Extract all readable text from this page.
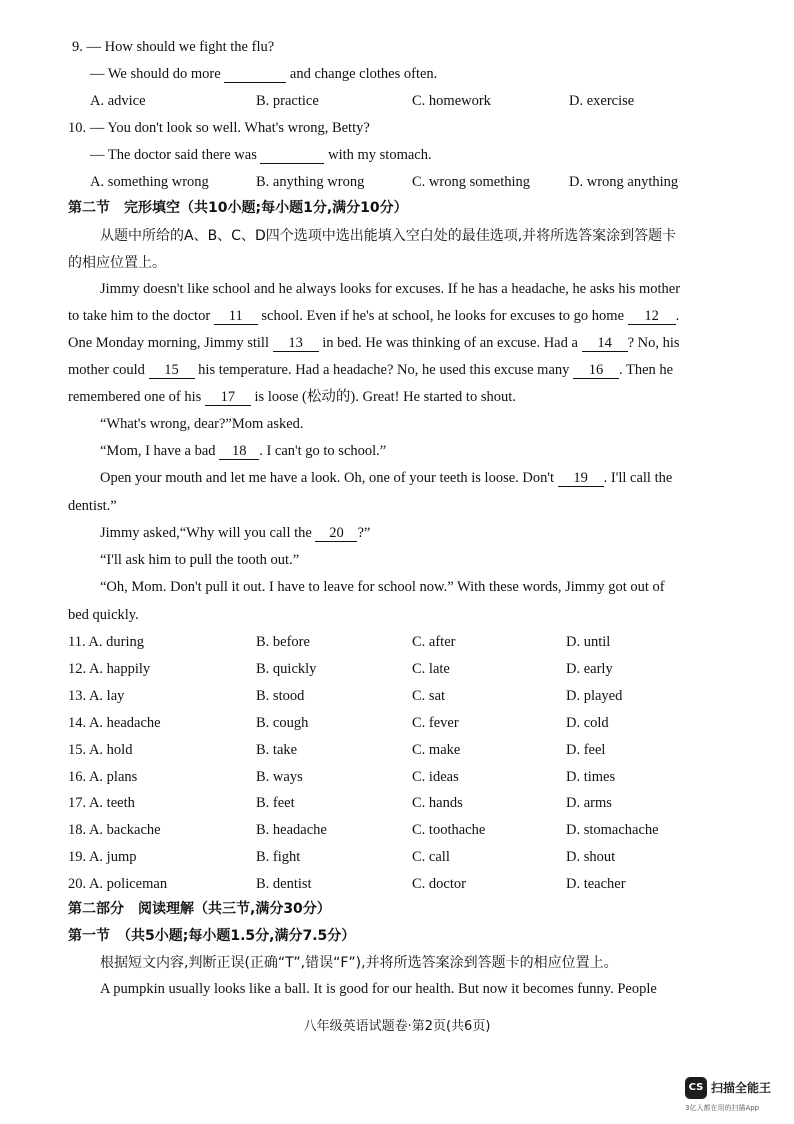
9. — How should we fight the flu?
— We should do more	and change clothes often.
A. advice	B. practice	C. homework	D. exercise
10. — You don't look so well. What's wrong, Betty?
— The doctor said there was	with my stomach.
A. something wrong	B. anything wrong	C. wrong something	D. wrong anything
第二节　完形填空（共10小题;每小题1分,满分10分）
从题中所给的A、B、C、D四个选项中选出能填入空白处的最佳选项,并将所选答案涂到答题卡
的相应位置上。
Jimmy doesn't like school and he always looks for excuses. If he has a headache, he asks his mother
to take him to the doctor 11 school. Even if he's at school, he looks for excuses to go home 12 .
One Monday morning, Jimmy still 13 in bed. He was thinking of an excuse. Had a 14 ? No, his
mother could 15 his temperature. Had a headache? No, he used this excuse many 16 . Then he
remembered one of his 17 is loose (松动的). Great! He started to shout.
“What's wrong, dear?”Mom asked.
“Mom, I have a bad 18 . I can't go to school.”
Open your mouth and let me have a look. Oh, one of your teeth is loose. Don't 19 . I'll call the
dentist.”
Jimmy asked,“Why will you call the 20 ?”
“I'll ask him to pull the tooth out.”
“Oh, Mom. Don't pull it out. I have to leave for school now.” With these words, Jimmy got out of
bed quickly.
11. A. during	B. before	C. after	D. until
12. A. happily	B. quickly	C. late	D. early
13. A. lay	B. stood	C. sat	D. played
14. A. headache	B. cough	C. fever	D. cold
15. A. hold	B. take	C. make	D. feel
16. A. plans	B. ways	C. ideas	D. times
17. A. teeth	B. feet	C. hands	D. arms
18. A. backache	B. headache	C. toothache	D. stomachache
19. A. jump	B. fight	C. call	D. shout
20. A. policeman	B. dentist	C. doctor	D. teacher
第二部分　阅读理解（共三节,满分30分）
第一节　（共5小题;每小题1.5分,满分7.5分）
根据短文内容,判断正误(正确“T”,错误“F”),并将所选答案涂到答题卡的相应位置上。
A pumpkin usually looks like a ball. It is good for our health. But now it becomes funny. People
八年级英语试题卷·第2页(共6页)
CS 扫描全能王
3亿人都在用的扫描App
